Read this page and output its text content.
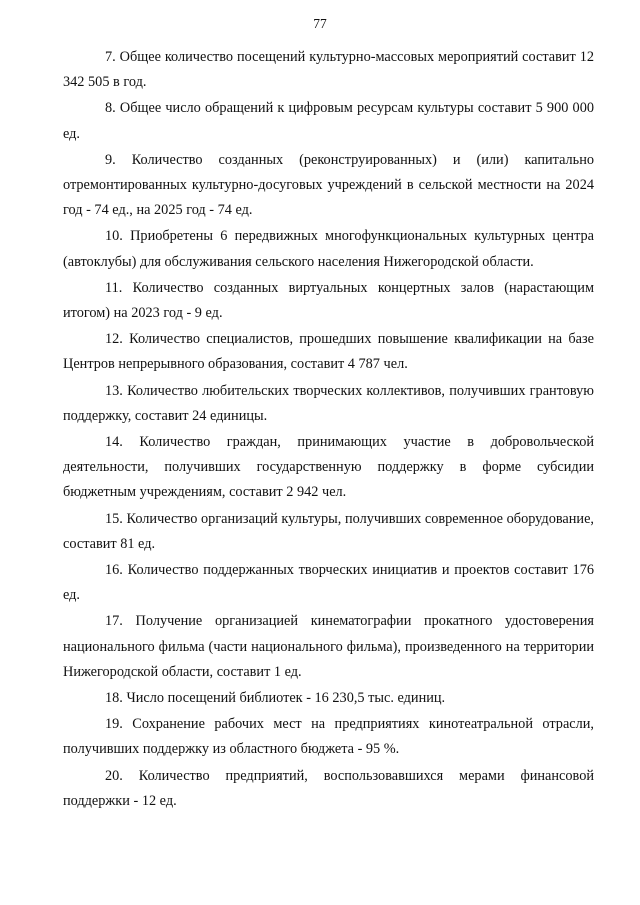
77

7. Общее количество посещений культурно-массовых мероприятий составит 12 342 505 в год.

8. Общее число обращений к цифровым ресурсам культуры составит 5 900 000 ед.

9. Количество созданных (реконструированных) и (или) капитально отремонтированных культурно-досуговых учреждений в сельской местности на 2024 год - 74 ед., на 2025 год - 74 ед.

10. Приобретены 6 передвижных многофункциональных культурных центра (автоклубы) для обслуживания сельского населения Нижегородской области.

11. Количество созданных виртуальных концертных залов (нарастающим итогом) на 2023 год - 9 ед.

12. Количество специалистов, прошедших повышение квалификации на базе Центров непрерывного образования, составит 4 787 чел.

13. Количество любительских творческих коллективов, получивших грантовую поддержку, составит 24 единицы.

14. Количество граждан, принимающих участие в добровольческой деятельности, получивших государственную поддержку в форме субсидии бюджетным учреждениям, составит 2 942 чел.

15. Количество организаций культуры, получивших современное оборудование, составит 81 ед.

16. Количество поддержанных творческих инициатив и проектов составит 176 ед.

17. Получение организацией кинематографии прокатного удостоверения национального фильма (части национального фильма), произведенного на территории Нижегородской области, составит 1 ед.

18. Число посещений библиотек - 16 230,5 тыс. единиц.

19. Сохранение рабочих мест на предприятиях кинотеатральной отрасли, получивших поддержку из областного бюджета - 95 %.

20. Количество предприятий, воспользовавшихся мерами финансовой поддержки - 12 ед.
